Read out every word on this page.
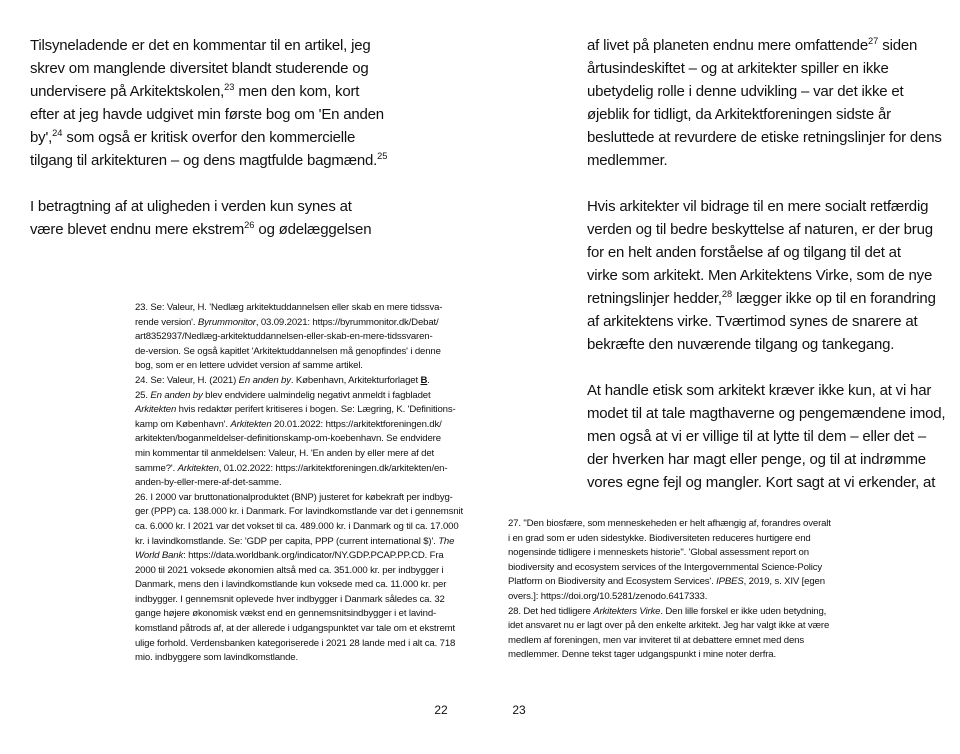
Tilsyneladende er det en kommentar til en artikel, jeg
skrev om manglende diversitet blandt studerende og
undervisere på Arkitektskolen,$^{23}$ men den kom, kort
efter at jeg havde udgivet min første bog om 'En anden
by',$^{24}$ som også er kritisk overfor den kommercielle
tilgang til arkitekturen – og dens magtfulde bagmænd.$^{25}$
I betragtning af at uligheden i verden kun synes at
være blevet endnu mere ekstrem$^{26}$ og ødelæggelsen
23. Se: Valeur, H. 'Nedlæg arkitektuddannelsen eller skab en mere tidssva-
rende version'. Byrummonitor, 03.09.2021: https://byrummonitor.dk/Debat/
art8352937/Nedlæg-arkitektuddannelsen-eller-skab-en-mere-tidssvaren-
de-version. Se også kapitlet 'Arkitektuddannelsen må genopfindes' i denne
bog, som er en lettere udvidet version af samme artikel.
24. Se: Valeur, H. (2021) En anden by. København, Arkitekturforlaget B.
25. En anden by blev endvidere ualmindelig negativt anmeldt i fagbladet
Arkitekten hvis redaktør perifert kritiseres i bogen. Se: Lægring, K. 'Definitions-
kamp om København'. Arkitekten 20.01.2022: https://arkitektforeningen.dk/
arkitekten/boganmeldelser-definitionskamp-om-koebenhavn. Se endvidere
min kommentar til anmeldelsen: Valeur, H. 'En anden by eller mere af det
samme?'. Arkitekten, 01.02.2022: https://arkitektforeningen.dk/arkitekten/en-
anden-by-eller-mere-af-det-samme.
26. I 2000 var bruttonationalproduktet (BNP) justeret for købekraft per indbyg-
ger (PPP) ca. 138.000 kr. i Danmark. For lavindkomstlande var det i gennemsnit
ca. 6.000 kr. I 2021 var det vokset til ca. 489.000 kr. i Danmark og til ca. 17.000
kr. i lavindkomstlande. Se: 'GDP per capita, PPP (current international $)'. The
World Bank: https://data.worldbank.org/indicator/NY.GDP.PCAP.PP.CD. Fra
2000 til 2021 voksede økonomien altså med ca. 351.000 kr. per indbygger i
Danmark, mens den i lavindkomstlande kun voksede med ca. 11.000 kr. per
indbygger. I gennemsnit oplevede hver indbygger i Danmark således ca. 32
gange højere økonomisk vækst end en gennemsnitsindbygger i et lavind-
komstland påtrods af, at der allerede i udgangspunktet var tale om et ekstremt
ulige forhold. Verdensbanken kategoriserede i 2021 28 lande med i alt ca. 718
mio. indbyggere som lavindkomstlande.
af livet på planeten endnu mere omfattende$^{27}$ siden
årtusindeskiftet – og at arkitekter spiller en ikke
ubetydelig rolle i denne udvikling – var det ikke et
øjeblik for tidligt, da Arkitektforeningen sidste år
besluttede at revurdere de etiske retningslinjer for dens
medlemmer.
Hvis arkitekter vil bidrage til en mere socialt retfærdig
verden og til bedre beskyttelse af naturen, er der brug
for en helt anden forståelse af og tilgang til det at
virke som arkitekt. Men Arkitektens Virke, som de nye
retningslinjer hedder,$^{28}$ lægger ikke op til en forandring
af arkitektens virke. Tværtimod synes de snarere at
bekræfte den nuværende tilgang og tankegang.
At handle etisk som arkitekt kræver ikke kun, at vi har
modet til at tale magthaverne og pengemændene imod,
men også at vi er villige til at lytte til dem – eller det –
der hverken har magt eller penge, og til at indrømme
vores egne fejl og mangler. Kort sagt at vi erkender, at
27. "Den biosfære, som menneskeheden er helt afhængig af, forandres overalt
i en grad som er uden sidestykke. Biodiversiteten reduceres hurtigere end
nogensinde tidligere i menneskets historie". 'Global assessment report on
biodiversity and ecosystem services of the Intergovernmental Science-Policy
Platform on Biodiversity and Ecosystem Services'. IPBES, 2019, s. XIV [egen
overs.]: https://doi.org/10.5281/zenodo.6417333.
28. Det hed tidligere Arkitekters Virke. Den lille forskel er ikke uden betydning,
idet ansvaret nu er lagt over på den enkelte arkitekt. Jeg har valgt ikke at være
medlem af foreningen, men var inviteret til at debattere emnet med dens
medlemmer. Denne tekst tager udgangspunkt i mine noter derfra.
22	23
